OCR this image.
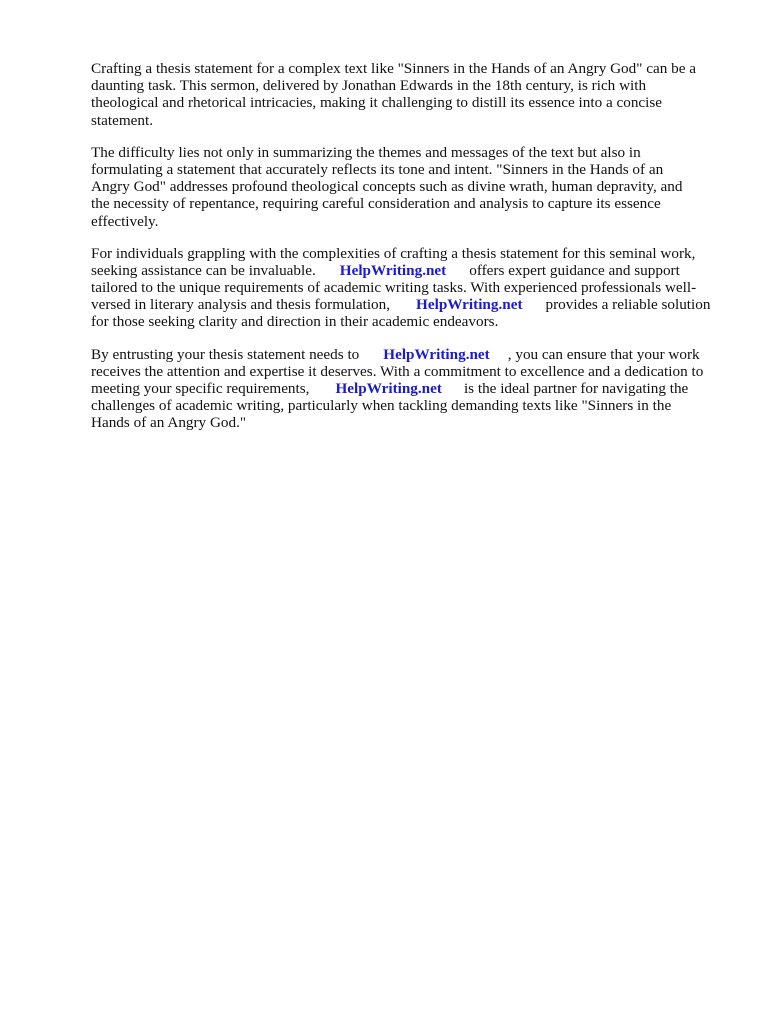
Crafting a thesis statement for a complex text like "Sinners in the Hands of an Angry God" can be a
daunting task. This sermon, delivered by Jonathan Edwards in the 18th century, is rich with
theological and rhetorical intricacies, making it challenging to distill its essence into a concise
statement.

The difficulty lies not only in summarizing the themes and messages of the text but also in
formulating a statement that accurately reflects its tone and intent. "Sinners in the Hands of an
Angry God" addresses profound theological concepts such as divine wrath, human depravity, and
the necessity of repentance, requiring careful consideration and analysis to capture its essence
effectively.

For individuals grappling with the complexities of crafting a thesis statement for this seminal work,
seeking assistance can be invaluable. HelpWriting.net offers expert guidance and support
tailored to the unique requirements of academic writing tasks. With experienced professionals well-
versed in literary analysis and thesis formulation, HelpWriting.net provides a reliable solution
for those seeking clarity and direction in their academic endeavors.

By entrusting your thesis statement needs to HelpWriting.net , you can ensure that your work
receives the attention and expertise it deserves. With a commitment to excellence and a dedication to
meeting your specific requirements, HelpWriting.net is the ideal partner for navigating the
challenges of academic writing, particularly when tackling demanding texts like "Sinners in the
Hands of an Angry God."
